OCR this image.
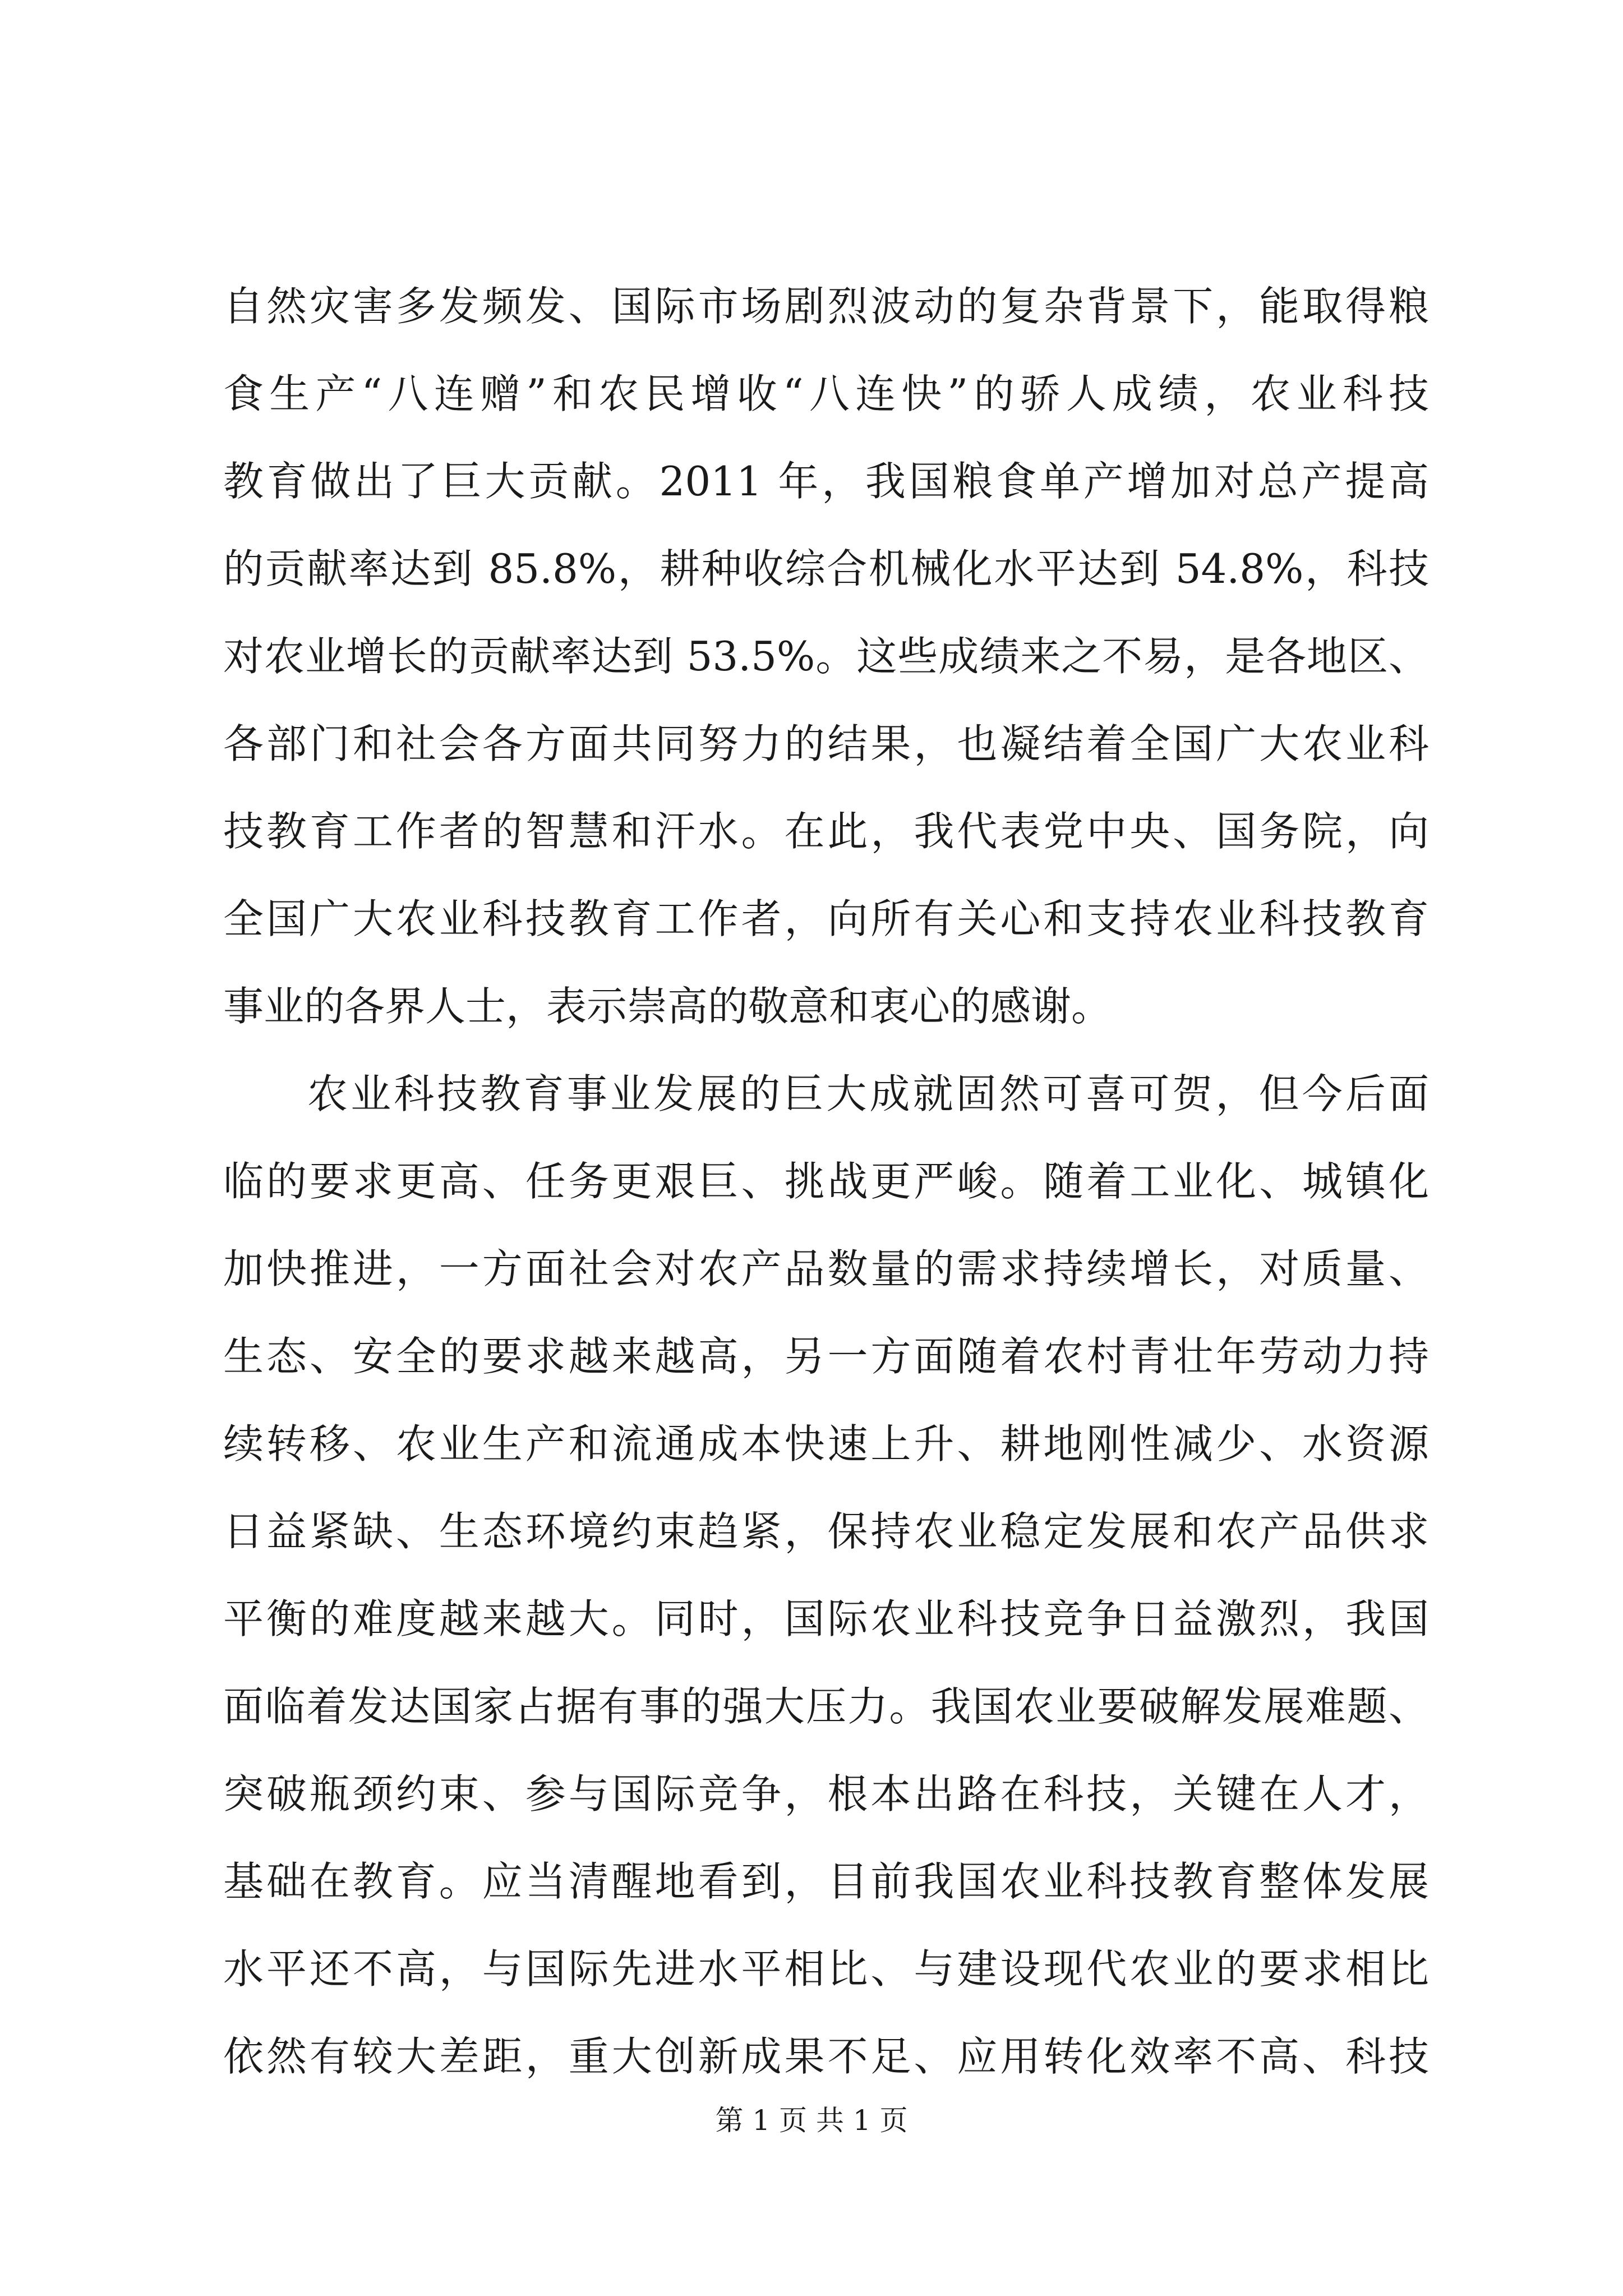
自然灾害多发频发、国际市场剧烈波动的复杂背景下，能取得粮
食生产“八连赠”和农民增收“八连快”的骄人成绩，农业科技
教育做出了巨大贡献。2011 年，我国粮食单产增加对总产提高
的贡献率达到 85.8%，耕种收综合机械化水平达到 54.8%，科技
对农业增长的贡献率达到 53.5%。这些成绩来之不易，是各地区、
各部门和社会各方面共同努力的结果，也凝结着全国广大农业科
技教育工作者的智慧和汗水。在此，我代表党中央、国务院，向
全国广大农业科技教育工作者，向所有关心和支持农业科技教育
事业的各界人士，表示崇高的敬意和衷心的感谢。
农业科技教育事业发展的巨大成就固然可喜可贺，但今后面
临的要求更高、任务更艰巨、挑战更严峻。随着工业化、城镇化
加快推进，一方面社会对农产品数量的需求持续增长，对质量、
生态、安全的要求越来越高，另一方面随着农村青壮年劳动力持
续转移、农业生产和流通成本快速上升、耕地刚性减少、水资源
日益紧缺、生态环境约束趋紧，保持农业稳定发展和农产品供求
平衡的难度越来越大。同时，国际农业科技竞争日益激烈，我国
面临着发达国家占据有事的强大压力。我国农业要破解发展难题、
突破瓶颈约束、参与国际竞争，根本出路在科技，关键在人才，
基础在教育。应当清醒地看到，目前我国农业科技教育整体发展
水平还不高，与国际先进水平相比、与建设现代农业的要求相比
依然有较大差距，重大创新成果不足、应用转化效率不高、科技
第 1 页 共 1 页
